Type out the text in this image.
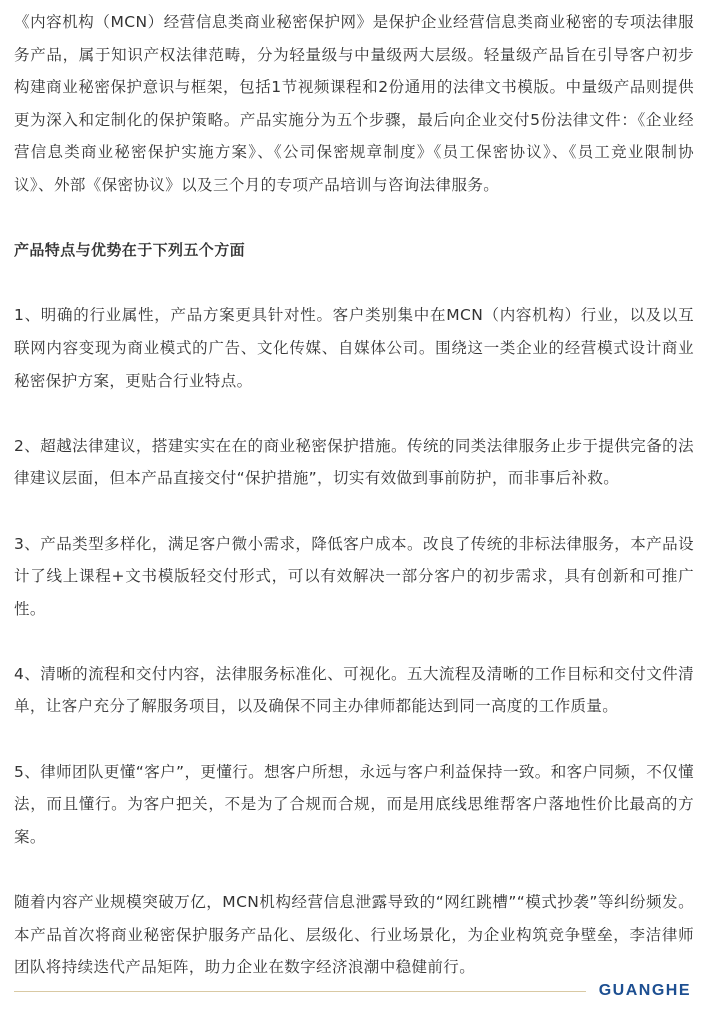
《内容机构（MCN）经营信息类商业秘密保护网》是保护企业经营信息类商业秘密的专项法律服务产品，属于知识产权法律范畴，分为轻量级与中量级两大层级。轻量级产品旨在引导客户初步构建商业秘密保护意识与框架，包括1节视频课程和2份通用的法律文书模版。中量级产品则提供更为深入和定制化的保护策略。产品实施分为五个步骤，最后向企业交付5份法律文件：《企业经营信息类商业秘密保护实施方案》、《公司保密规章制度》《员工保密协议》、《员工竞业限制协议》、外部《保密协议》以及三个月的专项产品培训与咨询法律服务。

产品特点与优势在于下列五个方面

1、明确的行业属性，产品方案更具针对性。客户类别集中在MCN（内容机构）行业，以及以互联网内容变现为商业模式的广告、文化传媒、自媒体公司。围绕这一类企业的经营模式设计商业秘密保护方案，更贴合行业特点。

2、超越法律建议，搭建实实在在的商业秘密保护措施。传统的同类法律服务止步于提供完备的法律建议层面，但本产品直接交付“保护措施”，切实有效做到事前防护，而非事后补救。

3、产品类型多样化，满足客户微小需求，降低客户成本。改良了传统的非标法律服务，本产品设计了线上课程+文书模版轻交付形式，可以有效解决一部分客户的初步需求，具有创新和可推广性。

4、清晰的流程和交付内容，法律服务标准化、可视化。五大流程及清晰的工作目标和交付文件清单，让客户充分了解服务项目，以及确保不同主办律师都能达到同一高度的工作质量。

5、律师团队更懂“客户”，更懂行。想客户所想，永远与客户利益保持一致。和客户同频，不仅懂法，而且懂行。为客户把关，不是为了合规而合规，而是用底线思维帮客户落地性价比最高的方案。

随着内容产业规模突破万亿，MCN机构经营信息泄露导致的“网红跳槽”“模式抄袭”等纠纷频发。本产品首次将商业秘密保护服务产品化、层级化、行业场景化，为企业构筑竞争壁垒，李洁律师团队将持续迭代产品矩阵，助力企业在数字经济浪潮中稳健前行。

GUANGHE
